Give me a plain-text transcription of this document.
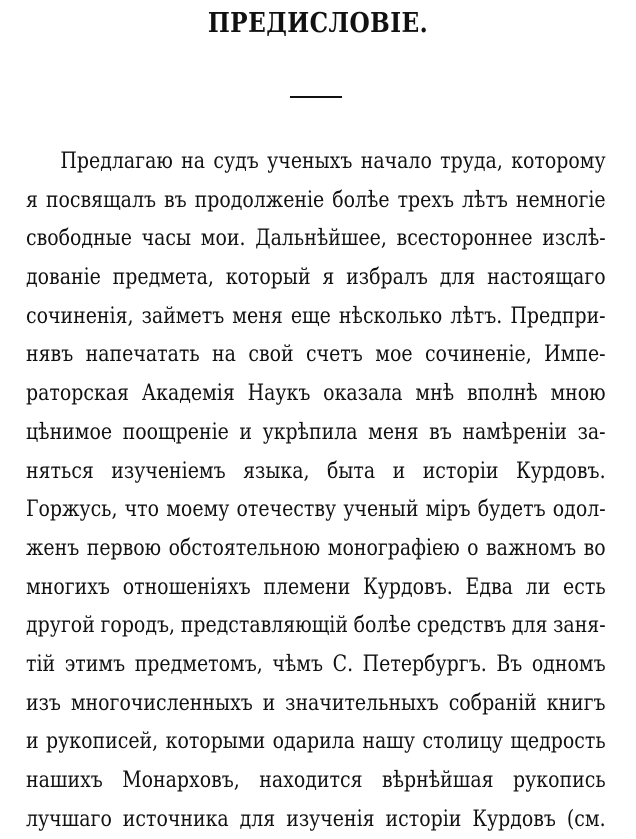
ПРЕДИСЛОВІЕ.
Предлагаю на судъ ученыхъ начало труда, которому
я посвящалъ въ продолженіе болѣе трехъ лѣтъ немногіе
свободные часы мои. Дальнѣйшее, всестороннее изслѣ-
дованіе предмета, который я избралъ для настоящаго
сочиненія, займетъ меня еще нѣсколько лѣтъ. Предпри-
нявъ напечатать на свой счетъ мое сочиненіе, Импе-
раторская Академія Наукъ оказала мнѣ вполнѣ мною
цѣнимое поощреніе и укрѣпила меня въ намѣреніи за-
няться изученіемъ языка, быта и исторіи Курдовъ.
Горжусь, что моему отечеству ученый міръ будетъ одол-
женъ первою обстоятельною монографіею о важномъ во
многихъ отношеніяхъ племени Курдовъ. Едва ли есть
другой городъ, представляющій болѣе средствъ для заня-
тій этимъ предметомъ, чѣмъ С. Петербургъ. Въ одномъ
изъ многочисленныхъ и значительныхъ собраній книгъ
и рукописей, которыми одарила нашу столицу щедрость
нашихъ Монарховъ, находится вѣрнѣйшая рукопись
лучшаго источника для изученія исторіи Курдовъ (см.
